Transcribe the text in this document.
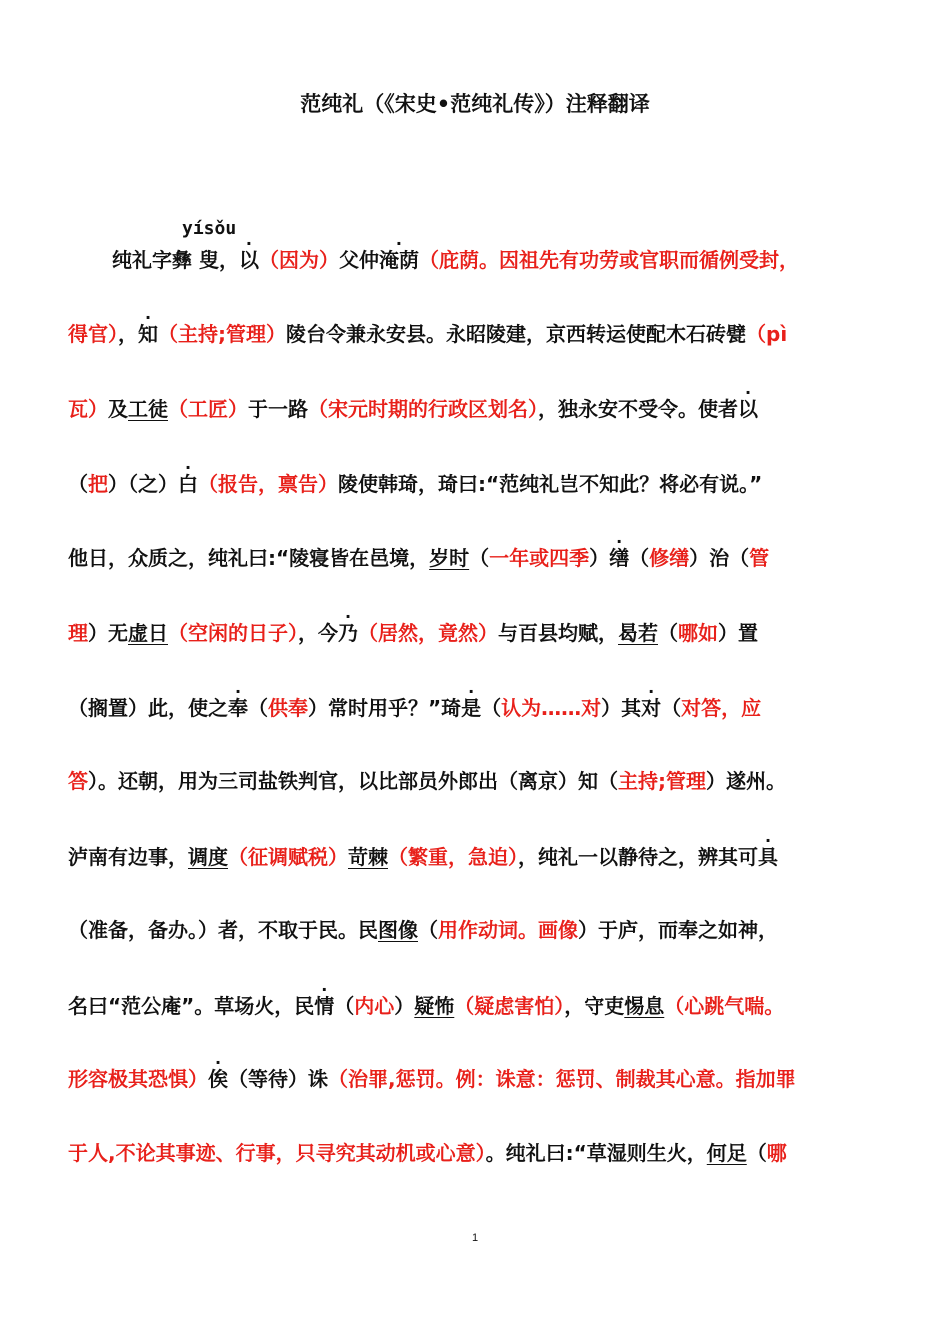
范纯礼（《宋史•范纯礼传》）注释翻译
yísǒu
纯礼字彝 叟，以（因为）父仲淹荫（庇荫。因祖先有功劳或官职而循例受封，
得官），知（主持;管理）陵台令兼永安县。永昭陵建，京西转运使配木石砖甓（pì
瓦）及工徒（工匠）于一路（宋元时期的行政区划名），独永安不受令。使者以
（把）（之）白（报告，禀告）陵使韩琦，琦曰:“范纯礼岂不知此？将必有说。”
他日，众质之，纯礼曰:“陵寝皆在邑境，岁时（一年或四季）缮（修缮）治（管
理）无虚日（空闲的日子），今乃（居然，竟然）与百县均赋，曷若（哪如）置
（搁置）此，使之奉（供奉）常时用乎？”琦是（认为……对）其对（对答，应
答）。还朝，用为三司盐铁判官，以比部员外郎出（离京）知（主持;管理）遂州。
泸南有边事，调度（征调赋税）苛棘（繁重，急迫），纯礼一以静待之，辨其可具
（准备，备办。）者，不取于民。民图像（用作动词。画像）于庐，而奉之如神，
名曰“范公庵”。草场火，民情（内心）疑怖（疑虑害怕），守吏惕息（心跳气喘。
形容极其恐惧）俟（等待）诛（治罪,惩罚。例：诛意：惩罚、制裁其心意。指加罪
于人,不论其事迹、行事，只寻究其动机或心意）。纯礼曰:“草湿则生火，何足（哪
1
